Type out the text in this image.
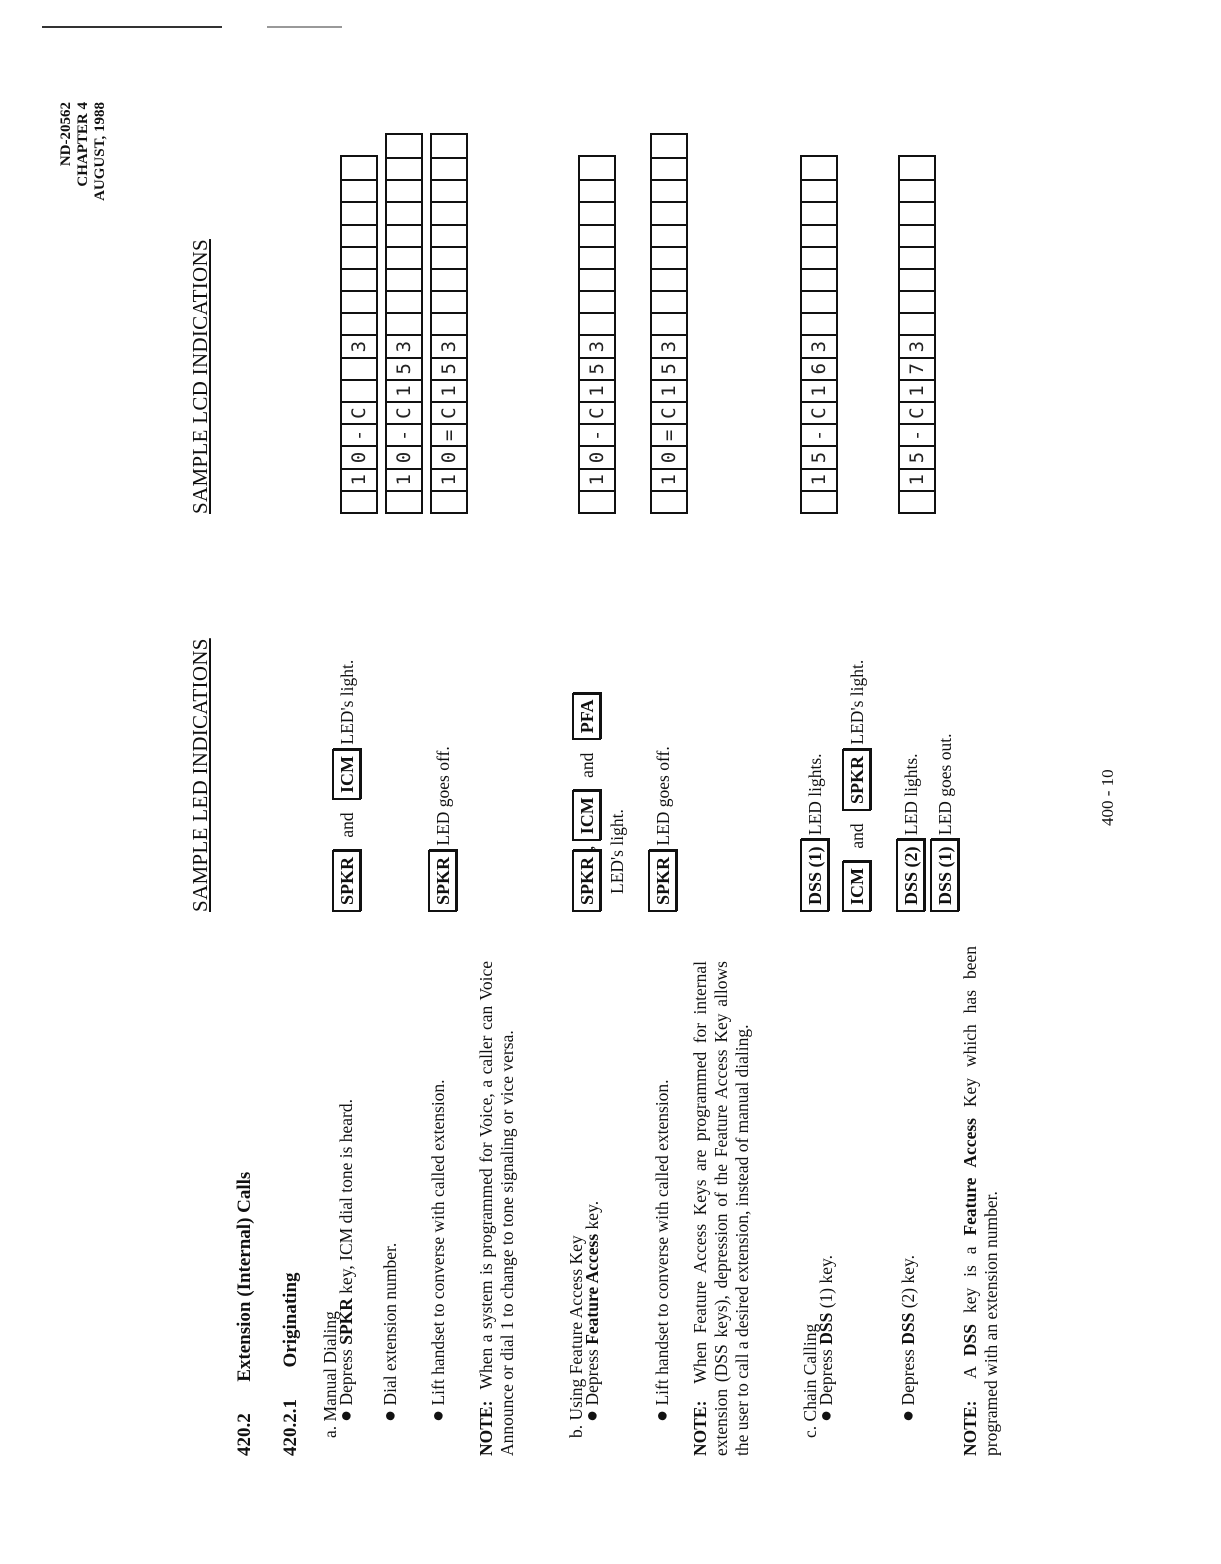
ND-20562 CHAPTER 4 AUGUST, 1988
SAMPLE LED INDICATIONS
SAMPLE LCD INDICATIONS
420.2  Extension (Internal) Calls
420.2.1  Originating a. Manual Dialing
● Depress SPKR key, ICM dial tone is heard.
● Dial extension number.
● Lift handset to converse with called extension.
SPKR and ICM LED's light.
SPKR LED goes off.
1
0
-
C
3
1
0
-
C
1
5
3
1
0
=
C
1
5
3
NOTE:  When a system is programmed for Voice, a caller can Voice Announce or dial 1 to change to tone signaling or vice versa.	b. Using Feature Access Key
● Depress Feature Access key.
● Lift handset to converse with called extension.
SPKR, ICM and PFA
LED's light. SPKR LED goes off.
1
0
-
C
1
5
3
1
0
=
C
1
5
3
NOTE:  When Feature Access Keys are programmed for internal extension (DSS keys), depression of the Feature Access Key allows the user to call a desired extension, instead of manual dialing.	c. Chain Calling
● Depress DSS (1) key.
● Depress DSS (2) key.
DSS (1) LED lights.
ICM and SPKR LED's light.
DSS (2) LED lights.
DSS (1) LED goes out.
1
5
-
C
1
6
3
1
5
-
C
1
7
3
400 - 10
NOTE:  A DSS key is a Feature Access Key which has been programed with an extension number.
